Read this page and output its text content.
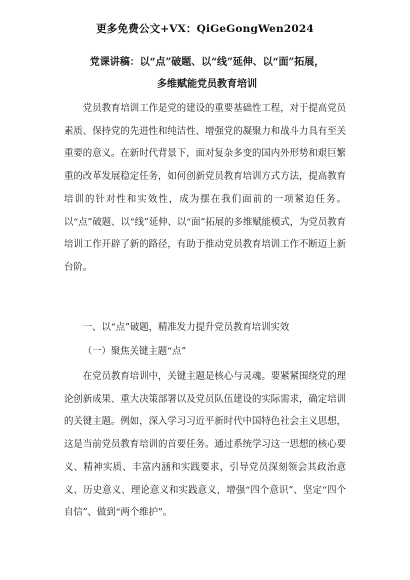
更多免费公文+VX：QiGeGongWen2024
党课讲稿：以“点”破题、以“线”延伸、以“面”拓展，
多维赋能党员教育培训

党员教育培训工作是党的建设的重要基础性工程，对于提高党员素质、保持党的先进性和纯洁性、增强党的凝聚力和战斗力具有至关重要的意义。在新时代背景下，面对复杂多变的国内外形势和艰巨繁重的改革发展稳定任务，如何创新党员教育培训方式方法，提高教育培训的针对性和实效性，成为摆在我们面前的一项紧迫任务。以“点”破题、以“线”延伸、以“面”拓展的多维赋能模式，为党员教育培训工作开辟了新的路径，有助于推动党员教育培训工作不断迈上新台阶。

一、以“点”破题，精准发力提升党员教育培训实效
（一）聚焦关键主题“点”

在党员教育培训中，关键主题是核心与灵魂。要紧紧围绕党的理论创新成果、重大决策部署以及党员队伍建设的实际需求，确定培训的关键主题。例如，深入学习习近平新时代中国特色社会主义思想，这是当前党员教育培训的首要任务。通过系统学习这一思想的核心要义、精神实质、丰富内涵和实践要求，引导党员深刻领会其政治意义、历史意义、理论意义和实践意义，增强“四个意识”、坚定“四个自信”、做到“两个维护”。
